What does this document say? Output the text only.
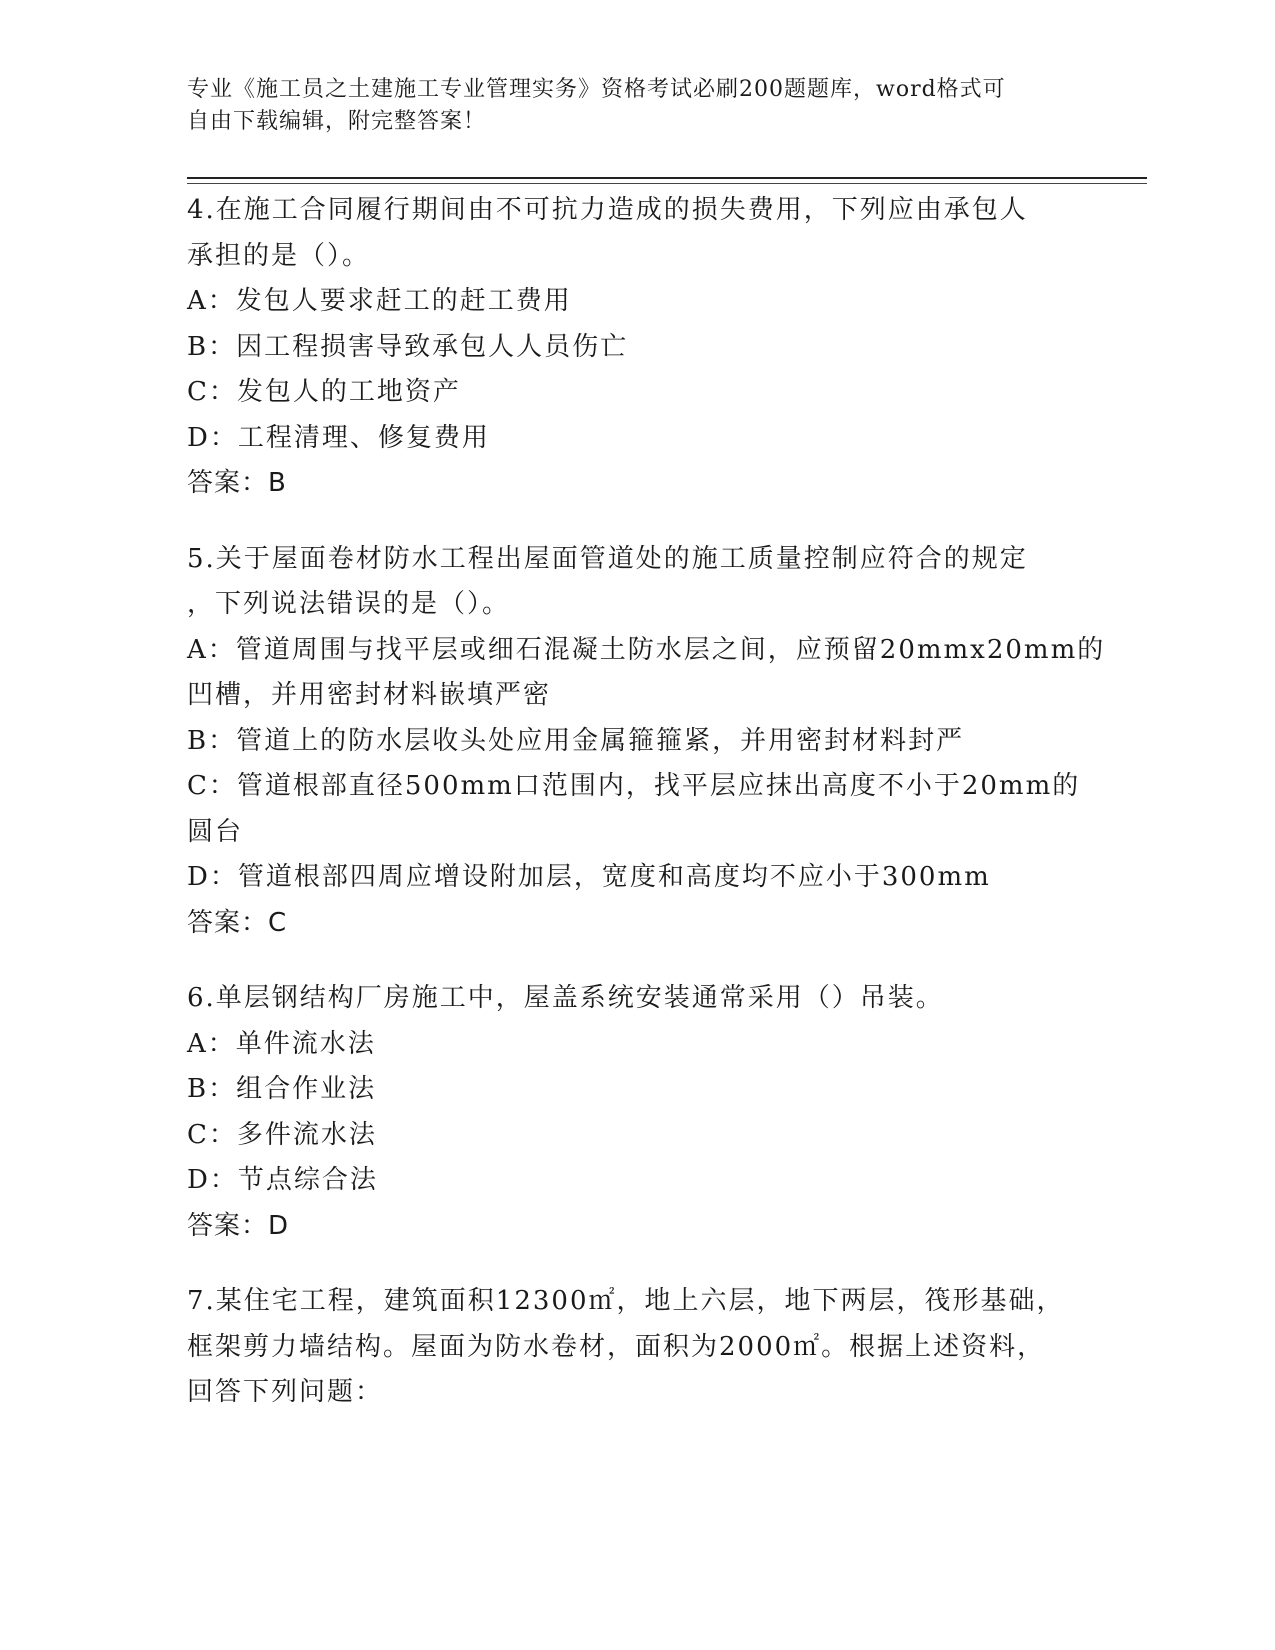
专业《施工员之土建施工专业管理实务》资格考试必刷200题题库，word格式可
自由下载编辑，附完整答案！
4.在施工合同履行期间由不可抗力造成的损失费用，下列应由承包人
承担的是（）。
A：发包人要求赶工的赶工费用
B：因工程损害导致承包人人员伤亡
C：发包人的工地资产
D：工程清理、修复费用
答案：B
5.关于屋面卷材防水工程出屋面管道处的施工质量控制应符合的规定
，下列说法错误的是（）。
A：管道周围与找平层或细石混凝土防水层之间，应预留20mmx20mm的
凹槽，并用密封材料嵌填严密
B：管道上的防水层收头处应用金属箍箍紧，并用密封材料封严
C：管道根部直径500mm口范围内，找平层应抹出高度不小于20mm的
圆台
D：管道根部四周应增设附加层，宽度和高度均不应小于300mm
答案：C
6.单层钢结构厂房施工中，屋盖系统安装通常采用（）吊装。
A：单件流水法
B：组合作业法
C：多件流水法
D：节点综合法
答案：D
7.某住宅工程，建筑面积12300㎡，地上六层，地下两层，筏形基础，
框架剪力墙结构。屋面为防水卷材，面积为2000㎡。根据上述资料，
回答下列问题：
